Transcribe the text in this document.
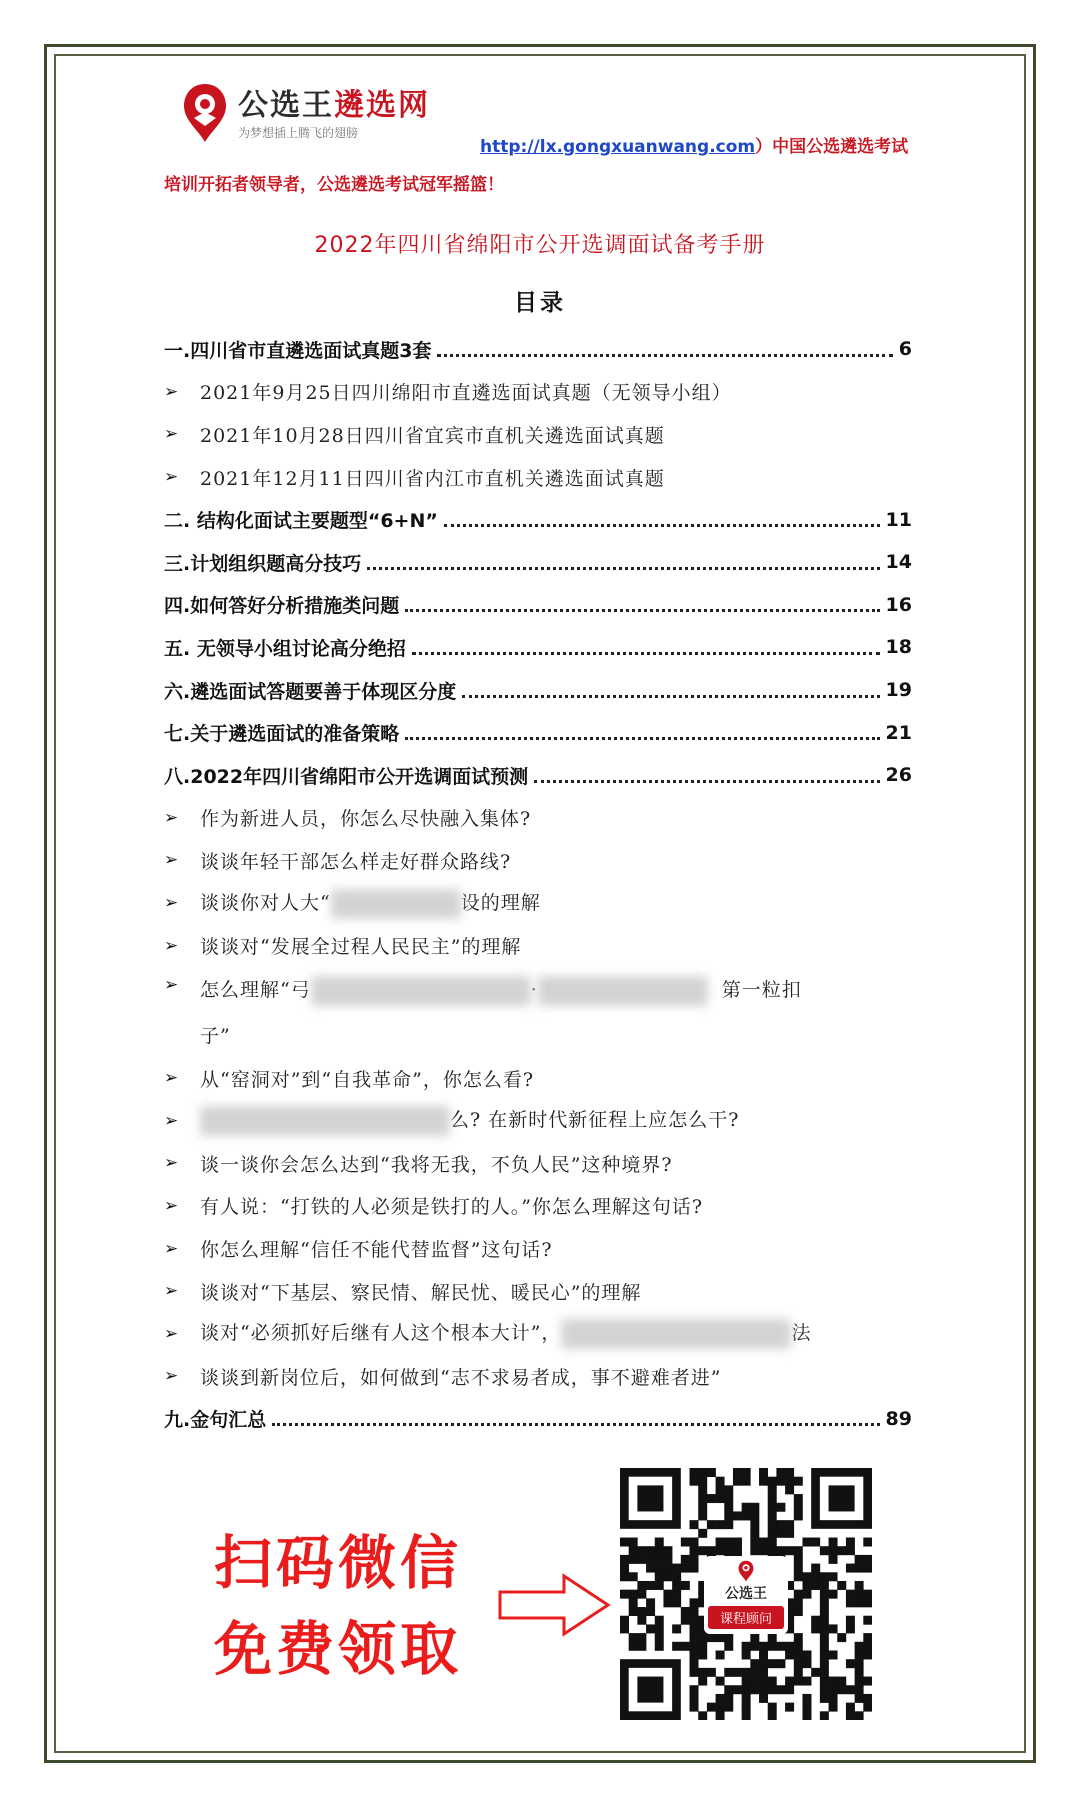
公选王遴选网
为梦想插上腾飞的翅膀
http://lx.gongxuanwang.com）中国公选遴选考试
培训开拓者领导者，公选遴选考试冠军摇篮！
2022年四川省绵阳市公开选调面试备考手册
目录
一.四川省市直遴选面试真题3套	6
➢	2021年9月25日四川绵阳市直遴选面试真题（无领导小组）
➢	2021年10月28日四川省宜宾市直机关遴选面试真题
➢	2021年12月11日四川省内江市直机关遴选面试真题
二. 结构化面试主要题型“6+N”	11
三.计划组织题高分技巧	14
四.如何答好分析措施类问题	16
五. 无领导小组讨论高分绝招	18
六.遴选面试答题要善于体现区分度	19
七.关于遴选面试的准备策略	21
八.2022年四川省绵阳市公开选调面试预测	26
➢	作为新进人员，你怎么尽快融入集体?
➢	谈谈年轻干部怎么样走好群众路线?
➢	谈谈你对人大“	设的理解
➢	谈谈对“发展全过程人民民主”的理解
➢	怎么理解“弓	·	第一粒扣
子”
➢	从“窑洞对”到“自我革命”，你怎么看?
➢	么? 在新时代新征程上应怎么干?
➢	谈一谈你会怎么达到“我将无我，不负人民”这种境界?
➢	有人说：“打铁的人必须是铁打的人。”你怎么理解这句话?
➢	你怎么理解“信任不能代替监督”这句话?
➢	谈谈对“下基层、察民情、解民忧、暖民心”的理解
➢	谈对“必须抓好后继有人这个根本大计”，	法
➢	谈谈到新岗位后，如何做到“志不求易者成，事不避难者进”
九.金句汇总	89
扫码微信
免费领取
公选王
课程顾问
